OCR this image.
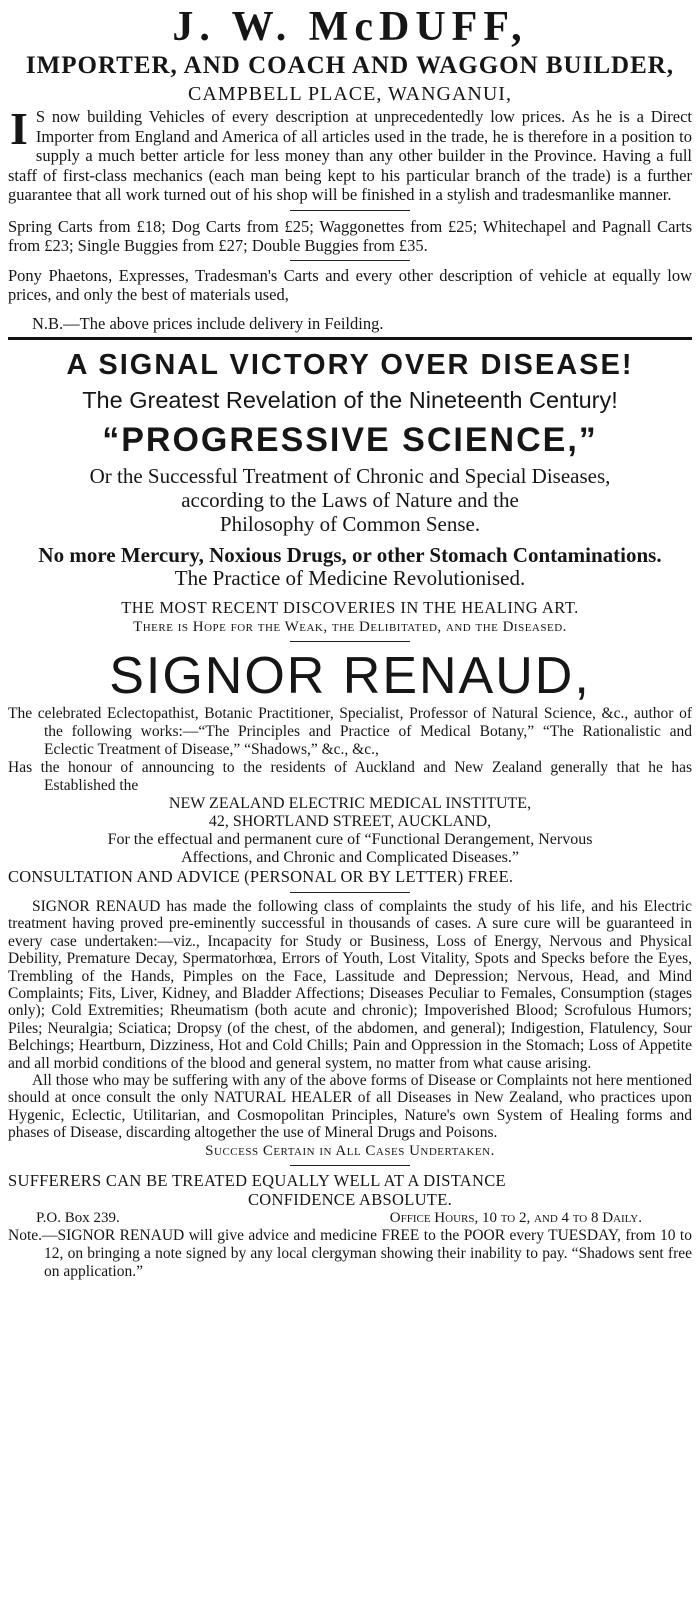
J. W. McDUFF,
IMPORTER, AND COACH AND WAGGON BUILDER,
CAMPBELL PLACE, WANGANUI,

I S now building Vehicles of every description at unprecedentedly low prices. As he is a Direct Importer from England and America of all articles used in the trade, he is therefore in a position to supply a much better article for less money than any other builder in the Province. Having a full staff of first-class mechanics (each man being kept to his particular branch of the trade) is a further guarantee that all work turned out of his shop will be finished in a stylish and tradesmanlike manner.

Spring Carts from £18; Dog Carts from £25; Waggonettes from £25; Whitechapel and Pagnall Carts from £23; Single Buggies from £27; Double Buggies from £35.

Pony Phaetons, Expresses, Tradesman's Carts and every other description of vehicle at equally low prices, and only the best of materials used,

N.B.—The above prices include delivery in Feilding.

A SIGNAL VICTORY OVER DISEASE!
The Greatest Revelation of the Nineteenth Century!
“PROGRESSIVE SCIENCE,”
Or the Successful Treatment of Chronic and Special Diseases,
according to the Laws of Nature and the
Philosophy of Common Sense.
No more Mercury, Noxious Drugs, or other Stomach Contaminations.
The Practice of Medicine Revolutionised.
THE MOST RECENT DISCOVERIES IN THE HEALING ART.
There is Hope for the Weak, the Delibitated, and the Diseased.
SIGNOR RENAUD,

The celebrated Eclectopathist, Botanic Practitioner, Specialist, Professor of Natural Science, &c., author of the following works:—“The Principles and Practice of Medical Botany,” “The Rationalistic and Eclectic Treatment of Disease,” “Shadows,” &c., &c.,

Has the honour of announcing to the residents of Auckland and New Zealand generally that he has Established the

NEW ZEALAND ELECTRIC MEDICAL INSTITUTE,
42, SHORTLAND STREET, AUCKLAND,
For the effectual and permanent cure of “Functional Derangement, Nervous
Affections, and Chronic and Complicated Diseases.”
CONSULTATION AND ADVICE (PERSONAL OR BY LETTER) FREE.

SIGNOR RENAUD has made the following class of complaints the study of his life, and his Electric treatment having proved pre-eminently successful in thousands of cases. A sure cure will be guaranteed in every case undertaken:—viz., Incapacity for Study or Business, Loss of Energy, Nervous and Physical Debility, Premature Decay, Spermatorhœa, Errors of Youth, Lost Vitality, Spots and Specks before the Eyes, Trembling of the Hands, Pimples on the Face, Lassitude and Depression; Nervous, Head, and Mind Complaints; Fits, Liver, Kidney, and Bladder Affections; Diseases Peculiar to Females, Consumption (stages only); Cold Extremities; Rheumatism (both acute and chronic); Impoverished Blood; Scrofulous Humors; Piles; Neuralgia; Sciatica; Dropsy (of the chest, of the abdomen, and general); Indigestion, Flatulency, Sour Belchings; Heartburn, Dizziness, Hot and Cold Chills; Pain and Oppression in the Stomach; Loss of Appetite and all morbid conditions of the blood and general system, no matter from what cause arising.

All those who may be suffering with any of the above forms of Disease or Complaints not here mentioned should at once consult the only NATURAL HEALER of all Diseases in New Zealand, who practices upon Hygenic, Eclectic, Utilitarian, and Cosmopolitan Principles, Nature's own System of Healing forms and phases of Disease, discarding altogether the use of Mineral Drugs and Poisons.

Success Certain in All Cases Undertaken.
SUFFERERS CAN BE TREATED EQUALLY WELL AT A DISTANCE
CONFIDENCE ABSOLUTE.
P.O. Box 239.	Office Hours, 10 to 2, and 4 to 8 Daily.

Note.—SIGNOR RENAUD will give advice and medicine FREE to the POOR every TUESDAY, from 10 to 12, on bringing a note signed by any local clergyman showing their inability to pay. “Shadows sent free on application.”
